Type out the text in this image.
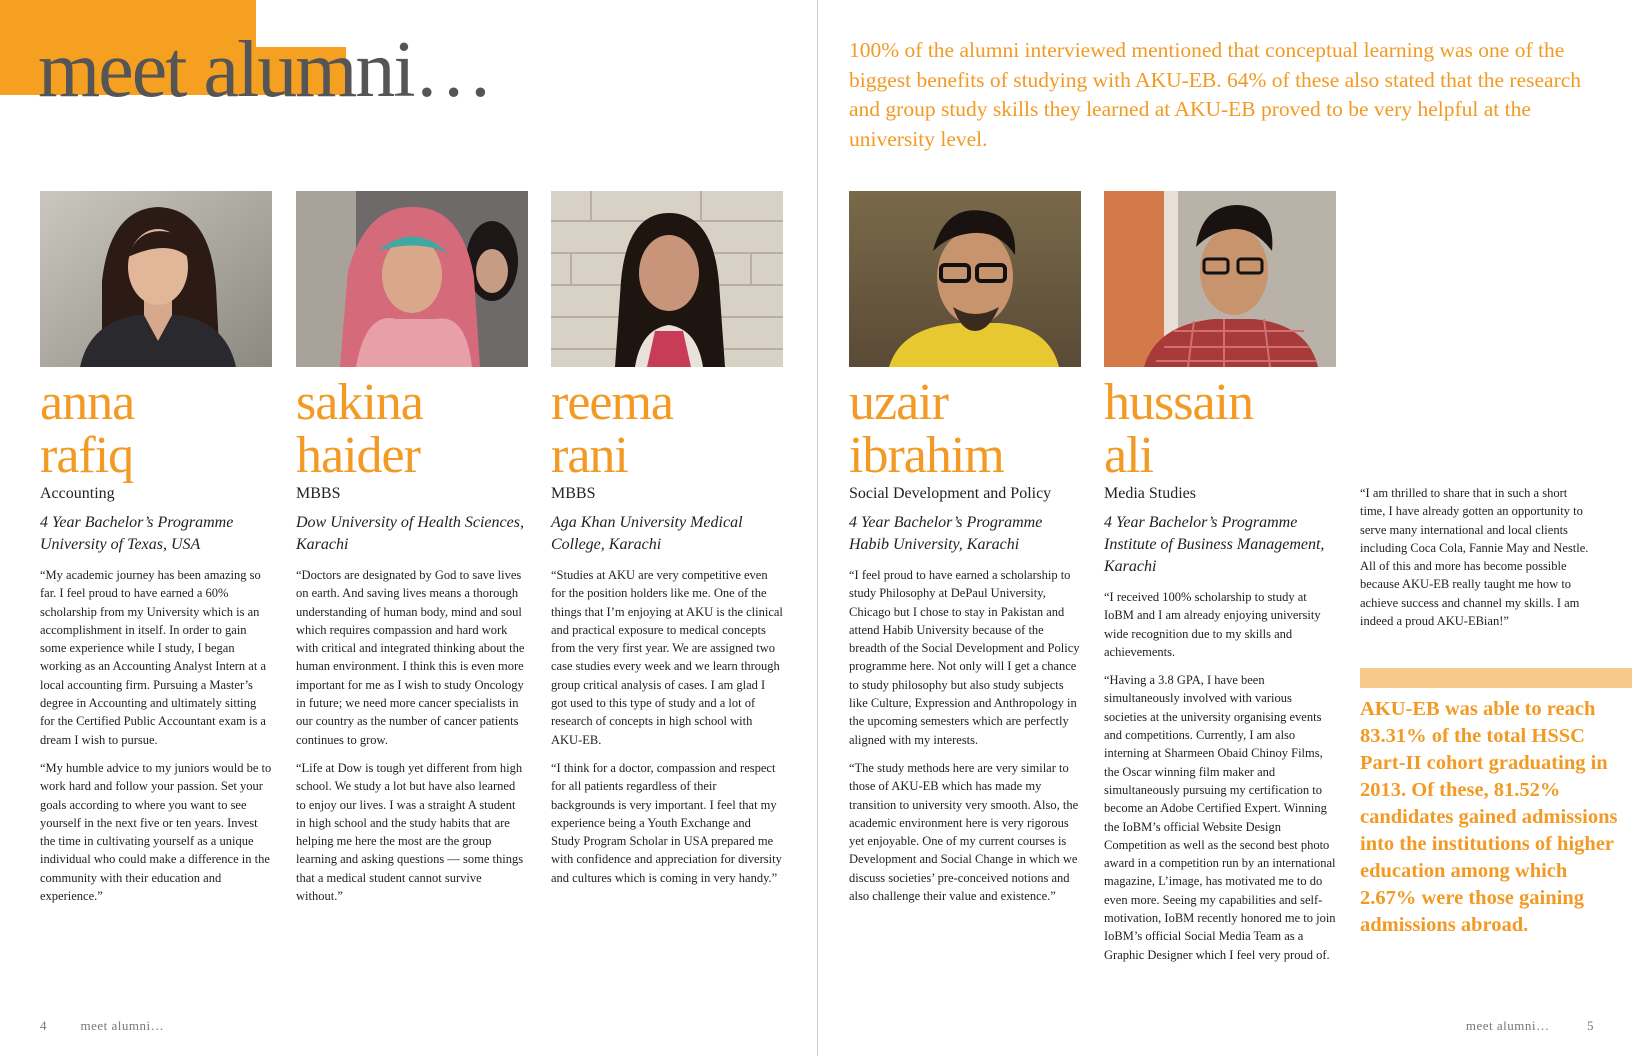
meet alumni…	100% of the alumni interviewed mentioned that conceptual learning was one of the biggest benefits of studying with AKU-EB. 64% of these also stated that the research and group study skills they learned at AKU-EB proved to be very helpful at the university level.
anna
rafiq
Accounting
4 Year Bachelor’s Programme University of Texas, USA

“My academic journey has been amazing so far. I feel proud to have earned a 60% scholarship from my University which is an accomplishment in itself. In order to gain some experience while I study, I began working as an Accounting Analyst Intern at a local accounting firm. Pursuing a Master’s degree in Accounting and ultimately sitting for the Certified Public Accountant exam is a dream I wish to pursue.

“My humble advice to my juniors would be to work hard and follow your passion. Set your goals according to where you want to see yourself in the next five or ten years. Invest the time in cultivating yourself as a unique individual who could make a difference in the community with their education and experience.”

sakina
haider
MBBS
Dow University of Health Sciences, Karachi

“Doctors are designated by God to save lives on earth. And saving lives means a thorough understanding of human body, mind and soul which requires compassion and hard work with critical and integrated thinking about the human environment. I think this is even more important for me as I wish to study Oncology in future; we need more cancer specialists in our country as the number of cancer patients continues to grow.

“Life at Dow is tough yet different from high school. We study a lot but have also learned to enjoy our lives. I was a straight A student in high school and the study habits that are helping me here the most are the group learning and asking questions — some things that a medical student cannot survive without.”

reema
rani
MBBS
Aga Khan University Medical College, Karachi

“Studies at AKU are very competitive even for the position holders like me. One of the things that I’m enjoying at AKU is the clinical and practical exposure to medical concepts from the very first year. We are assigned two case studies every week and we learn through group critical analysis of cases. I am glad I got used to this type of study and a lot of research of concepts in high school with AKU-EB.

“I think for a doctor, compassion and respect for all patients regardless of their backgrounds is very important. I feel that my experience being a Youth Exchange and Study Program Scholar in USA prepared me with confidence and appreciation for diversity and cultures which is coming in very handy.”

uzair
ibrahim
Social Development and Policy
4 Year Bachelor’s Programme Habib University, Karachi

“I feel proud to have earned a scholarship to study Philosophy at DePaul University, Chicago but I chose to stay in Pakistan and attend Habib University because of the breadth of the Social Development and Policy programme here. Not only will I get a chance to study philosophy but also study subjects like Culture, Expression and Anthropology in the upcoming semesters which are perfectly aligned with my interests.

“The study methods here are very similar to those of AKU-EB which has made my transition to university very smooth. Also, the academic environment here is very rigorous yet enjoyable. One of my current courses is Development and Social Change in which we discuss societies’ pre-conceived notions and also challenge their value and existence.”

hussain
ali
Media Studies
4 Year Bachelor’s Programme Institute of Business Management, Karachi

“I received 100% scholarship to study at IoBM and I am already enjoying university wide recognition due to my skills and achievements.

“Having a 3.8 GPA, I have been simultaneously involved with various societies at the university organising events and competitions. Currently, I am also interning at Sharmeen Obaid Chinoy Films, the Oscar winning film maker and simultaneously pursuing my certification to become an Adobe Certified Expert. Winning the IoBM’s official Website Design Competition as well as the second best photo award in a competition run by an international magazine, L’image, has motivated me to do even more. Seeing my capabilities and self-motivation, IoBM recently honored me to join IoBM’s official Social Media Team as a Graphic Designer which I feel very proud of.

“I am thrilled to share that in such a short time, I have already gotten an opportunity to serve many international and local clients including Coca Cola, Fannie May and Nestle. All of this and more has become possible because AKU-EB really taught me how to achieve success and channel my skills. I am indeed a proud AKU-EBian!”
AKU-EB was able to reach 83.31% of the total HSSC Part-II cohort graduating in 2013. Of these, 81.52% candidates gained admissions into the institutions of higher education among which 2.67% were those gaining admissions abroad.
4	meet alumni…	meet alumni…	5
